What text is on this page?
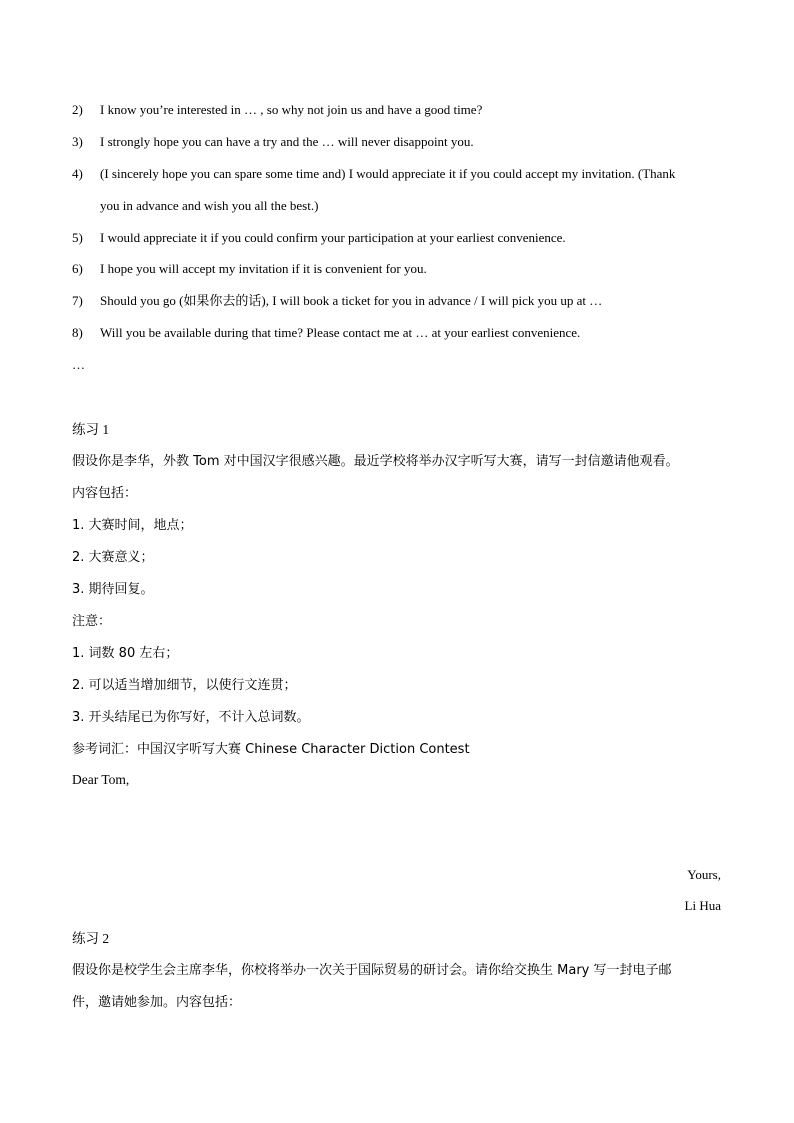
2) I know you’re interested in … , so why not join us and have a good time?
3) I strongly hope you can have a try and the … will never disappoint you.
4) (I sincerely hope you can spare some time and) I would appreciate it if you could accept my invitation. (Thank
you in advance and wish you all the best.)
5) I would appreciate it if you could confirm your participation at your earliest convenience.
6) I hope you will accept my invitation if it is convenient for you.
7) Should you go (如果你去的话), I will book a ticket for you in advance / I will pick you up at …
8) Will you be available during that time? Please contact me at … at your earliest convenience.
…
练习 1
假设你是李华，外教 Tom 对中国汉字很感兴趣。最近学校将举办汉字听写大赛，请写一封信邀请他观看。
内容包括：
1. 大赛时间，地点；
2. 大赛意义；
3. 期待回复。
注意：
1. 词数 80 左右；
2. 可以适当增加细节，以使行文连贯；
3. 开头结尾已为你写好，不计入总词数。
参考词汇：中国汉字听写大赛 Chinese Character Diction Contest
Dear Tom,
Yours,
Li Hua
练习 2
假设你是校学生会主席李华，你校将举办一次关于国际贸易的研讨会。请你给交换生 Mary 写一封电子邮
件，邀请她参加。内容包括：
